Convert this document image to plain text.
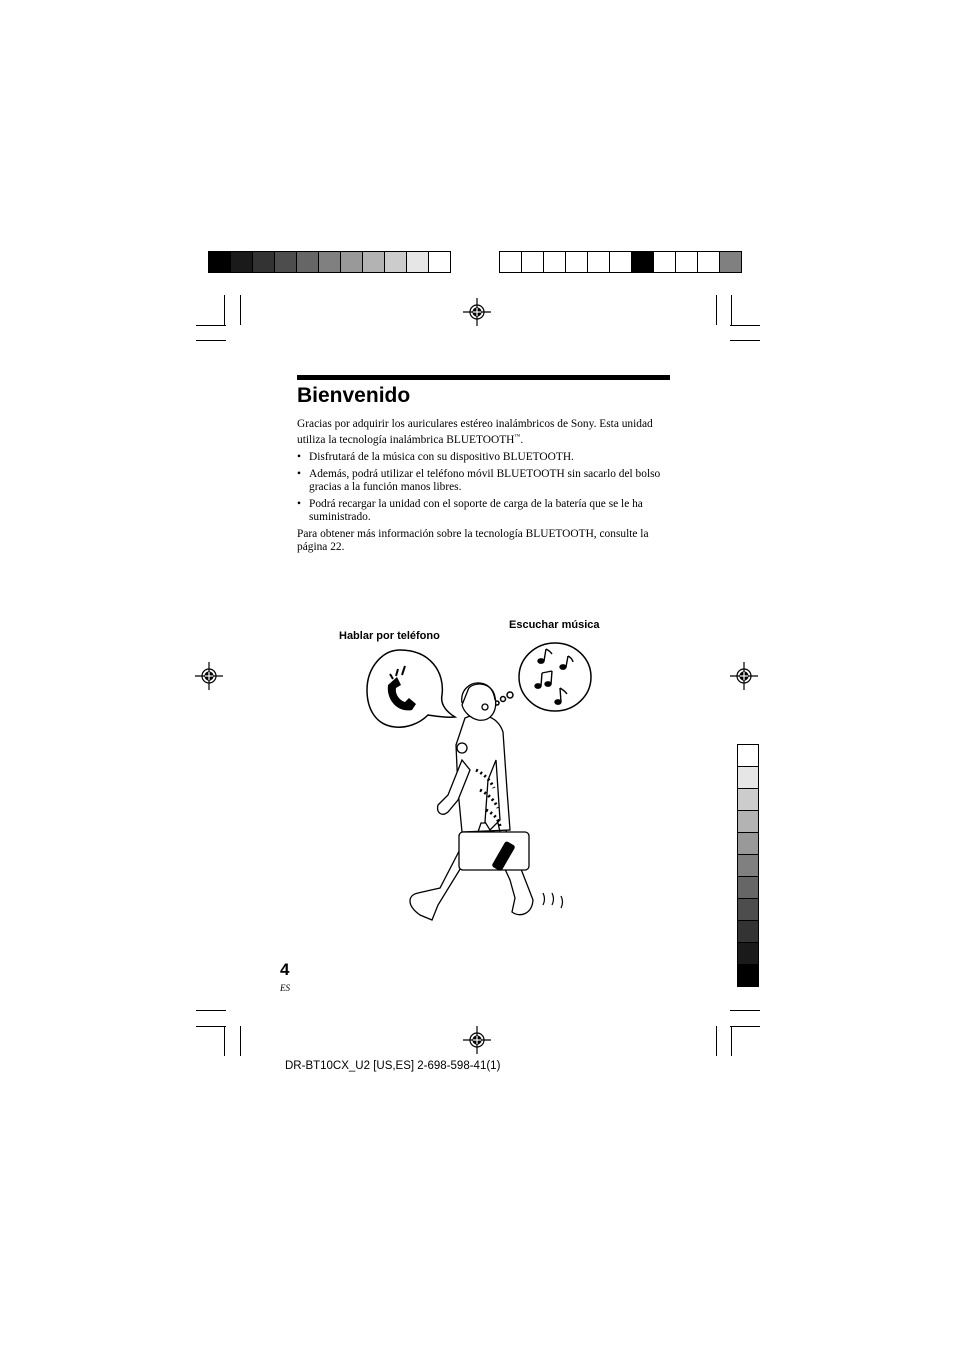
Bienvenido

Gracias por adquirir los auriculares estéreo inalámbricos de Sony. Esta unidad utiliza la tecnología inalámbrica BLUETOOTH™.

• Disfrutará de la música con su dispositivo BLUETOOTH.
• Además, podrá utilizar el teléfono móvil BLUETOOTH sin sacarlo del bolso gracias a la función manos libres.
• Podrá recargar la unidad con el soporte de carga de la batería que se le ha suministrado.

Para obtener más información sobre la tecnología BLUETOOTH, consulte la página 22.

Hablar por teléfono
Escuchar música
4
ES
DR-BT10CX_U2 [US,ES] 2-698-598-41(1)
